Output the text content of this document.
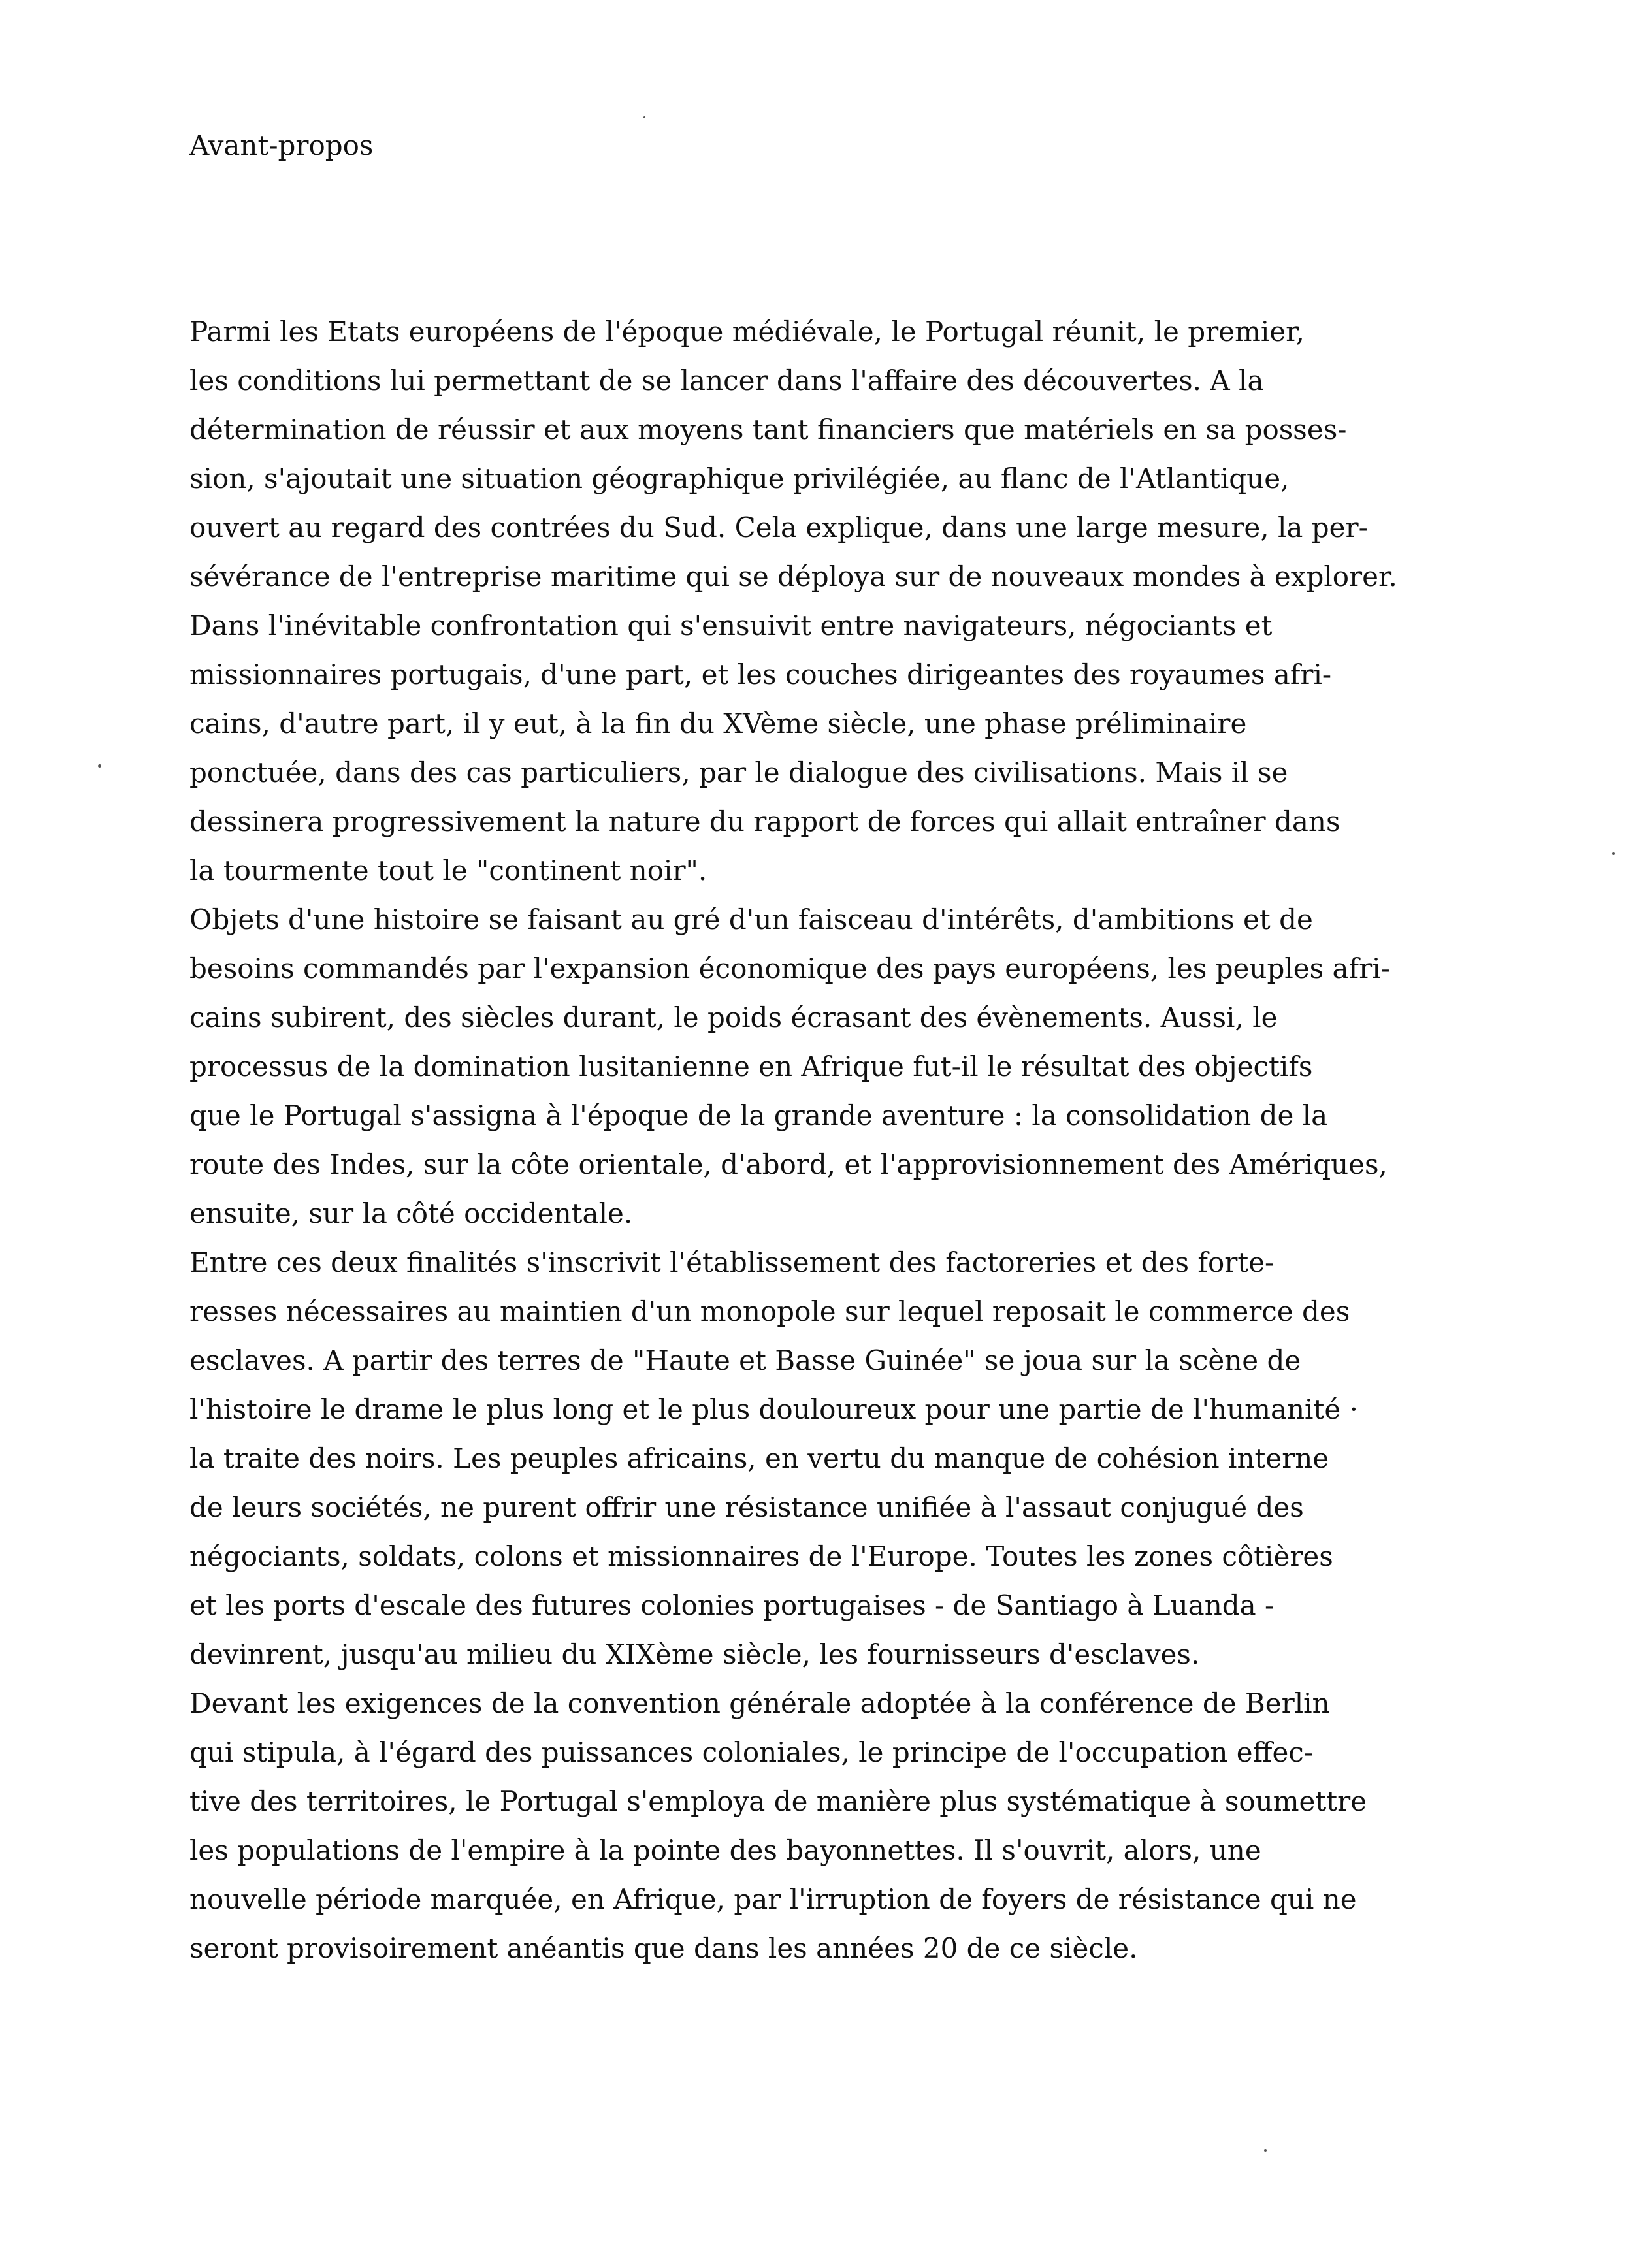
Avant-propos

Parmi les Etats européens de l'époque médiévale, le Portugal réunit, le premier,

les conditions lui permettant de se lancer dans l'affaire des découvertes. A la

détermination de réussir et aux moyens tant financiers que matériels en sa posses-

sion, s'ajoutait une situation géographique privilégiée, au flanc de l'Atlantique,

ouvert au regard des contrées du Sud. Cela explique, dans une large mesure, la per-

sévérance de l'entreprise maritime qui se déploya sur de nouveaux mondes à explorer.

Dans l'inévitable confrontation qui s'ensuivit entre navigateurs, négociants et

missionnaires portugais, d'une part, et les couches dirigeantes des royaumes afri-

cains, d'autre part, il y eut, à la fin du XVème siècle, une phase préliminaire

ponctuée, dans des cas particuliers, par le dialogue des civilisations. Mais il se

dessinera progressivement la nature du rapport de forces qui allait entraîner dans

la tourmente tout le "continent noir".

Objets d'une histoire se faisant au gré d'un faisceau d'intérêts, d'ambitions et de

besoins commandés par l'expansion économique des pays européens, les peuples afri-

cains subirent, des siècles durant, le poids écrasant des évènements. Aussi, le

processus de la domination lusitanienne en Afrique fut-il le résultat des objectifs

que le Portugal s'assigna à l'époque de la grande aventure : la consolidation de la

route des Indes, sur la côte orientale, d'abord, et l'approvisionnement des Amériques,

ensuite, sur la côté occidentale.

Entre ces deux finalités s'inscrivit l'établissement des factoreries et des forte-

resses nécessaires au maintien d'un monopole sur lequel reposait le commerce des

esclaves. A partir des terres de "Haute et Basse Guinée" se joua sur la scène de

l'histoire le drame le plus long et le plus douloureux pour une partie de l'humanité ·

la traite des noirs. Les peuples africains, en vertu du manque de cohésion interne

de leurs sociétés, ne purent offrir une résistance unifiée à l'assaut conjugué des

négociants, soldats, colons et missionnaires de l'Europe. Toutes les zones côtières

et les ports d'escale des futures colonies portugaises - de Santiago à Luanda -

devinrent, jusqu'au milieu du XIXème siècle, les fournisseurs d'esclaves.

Devant les exigences de la convention générale adoptée à la conférence de Berlin

qui stipula, à l'égard des puissances coloniales, le principe de l'occupation effec-

tive des territoires, le Portugal s'employa de manière plus systématique à soumettre

les populations de l'empire à la pointe des bayonnettes. Il s'ouvrit, alors, une

nouvelle période marquée, en Afrique, par l'irruption de foyers de résistance qui ne

seront provisoirement anéantis que dans les années 20 de ce siècle.
